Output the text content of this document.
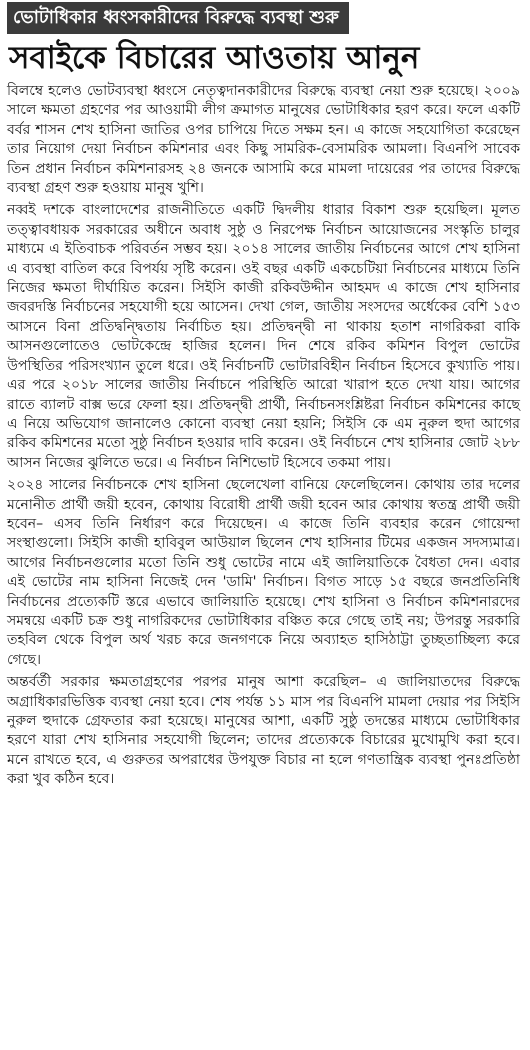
ভোটাধিকার ধ্বংসকারীদের বিরুদ্ধে ব্যবস্থা শুরু
সবাইকে বিচারের আওতায় আনুন

বিলম্বে হলেও ভোটব্যবস্থা ধ্বংসে নেতৃত্বদানকারীদের বিরুদ্ধে ব্যবস্থা নেয়া শুরু হয়েছে। ২০০৯ সালে ক্ষমতা গ্রহণের পর আওয়ামী লীগ ক্রমাগত মানুষের ভোটাধিকার হরণ করে। ফলে একটি বর্বর শাসন শেখ হাসিনা জাতির ওপর চাপিয়ে দিতে সক্ষম হন। এ কাজে সহযোগিতা করেছেন তার নিয়োগ দেয়া নির্বাচন কমিশনার এবং কিছু সামরিক-বেসামরিক আমলা। বিএনপি সাবেক তিন প্রধান নির্বাচন কমিশনারসহ ২৪ জনকে আসামি করে মামলা দায়েরের পর তাদের বিরুদ্ধে ব্যবস্থা গ্রহণ শুরু হওয়ায় মানুষ খুশি।

নব্বই দশকে বাংলাদেশের রাজনীতিতে একটি দ্বিদলীয় ধারার বিকাশ শুরু হয়েছিল। মূলত তত্ত্বাবধায়ক সরকারের অধীনে অবাধ সুষ্ঠু ও নিরপেক্ষ নির্বাচন আয়োজনের সংস্কৃতি চালুর মাধ্যমে এ ইতিবাচক পরিবর্তন সম্ভব হয়। ২০১৪ সালের জাতীয় নির্বাচনের আগে শেখ হাসিনা এ ব্যবস্থা বাতিল করে বিপর্যয় সৃষ্টি করেন। ওই বছর একটি একচেটিয়া নির্বাচনের মাধ্যমে তিনি নিজের ক্ষমতা দীর্ঘায়িত করেন। সিইসি কাজী রকিবউদ্দীন আহমদ এ কাজে শেখ হাসিনার জবরদস্তি নির্বাচনের সহযোগী হয়ে আসেন। দেখা গেল, জাতীয় সংসদের অর্ধেকের বেশি ১৫৩ আসনে বিনা প্রতিদ্বন্দ্বিতায় নির্বাচিত হয়। প্রতিদ্বন্দ্বী না থাকায় হতাশ নাগরিকরা বাকি আসনগুলোতেও ভোটকেন্দ্রে হাজির হলেন। দিন শেষে রকিব কমিশন বিপুল ভোটের উপস্থিতির পরিসংখ্যান তুলে ধরে। ওই নির্বাচনটি ভোটারবিহীন নির্বাচন হিসেবে কুখ্যাতি পায়। এর পরে ২০১৮ সালের জাতীয় নির্বাচনে পরিস্থিতি আরো খারাপ হতে দেখা যায়। আগের রাতে ব্যালট বাক্স ভরে ফেলা হয়। প্রতিদ্বন্দ্বী প্রার্থী, নির্বাচনসংশ্লিষ্টরা নির্বাচন কমিশনের কাছে এ নিয়ে অভিযোগ জানালেও কোনো ব্যবস্থা নেয়া হয়নি; সিইসি কে এম নুরুল হুদা আগের রকিব কমিশনের মতো সুষ্ঠু নির্বাচন হওয়ার দাবি করেন। ওই নির্বাচনে শেখ হাসিনার জোট ২৮৮ আসন নিজের ঝুলিতে ভরে। এ নির্বাচন নিশিভোট হিসেবে তকমা পায়।

২০২৪ সালের নির্বাচনকে শেখ হাসিনা ছেলেখেলা বানিয়ে ফেলেছিলেন। কোথায় তার দলের মনোনীত প্রার্থী জয়ী হবেন, কোথায় বিরোধী প্রার্থী জয়ী হবেন আর কোথায় স্বতন্ত্র প্রার্থী জয়ী হবেন– এসব তিনি নির্ধারণ করে দিয়েছেন। এ কাজে তিনি ব্যবহার করেন গোয়েন্দা সংস্থাগুলো। সিইসি কাজী হাবিবুল আউয়াল ছিলেন শেখ হাসিনার টিমের একজন সদস্যমাত্র। আগের নির্বাচনগুলোর মতো তিনি শুধু ভোটের নামে এই জালিয়াতিকে বৈধতা দেন। এবার এই ভোটের নাম হাসিনা নিজেই দেন 'ডামি' নির্বাচন। বিগত সাড়ে ১৫ বছরে জনপ্রতিনিধি নির্বাচনের প্রত্যেকটি স্তরে এভাবে জালিয়াতি হয়েছে। শেখ হাসিনা ও নির্বাচন কমিশনারদের সমন্বয়ে একটি চক্র শুধু নাগরিকদের ভোটাধিকার বঞ্চিত করে গেছে তাই নয়; উপরন্তু সরকারি তহবিল থেকে বিপুল অর্থ খরচ করে জনগণকে নিয়ে অব্যাহত হাসিঠাট্টা তুচ্ছতাচ্ছিল্য করে গেছে।

অন্তর্বর্তী সরকার ক্ষমতাগ্রহণের পরপর মানুষ আশা করেছিল– এ জালিয়াতদের বিরুদ্ধে অগ্রাধিকারভিত্তিক ব্যবস্থা নেয়া হবে। শেষ পর্যন্ত ১১ মাস পর বিএনপি মামলা দেয়ার পর সিইসি নুরুল হুদাকে গ্রেফতার করা হয়েছে। মানুষের আশা, একটি সুষ্ঠু তদন্তের মাধ্যমে ভোটাধিকার হরণে যারা শেখ হাসিনার সহযোগী ছিলেন; তাদের প্রত্যেককে বিচারের মুখোমুখি করা হবে। মনে রাখতে হবে, এ গুরুতর অপরাধের উপযুক্ত বিচার না হলে গণতান্ত্রিক ব্যবস্থা পুনঃপ্রতিষ্ঠা করা খুব কঠিন হবে।
